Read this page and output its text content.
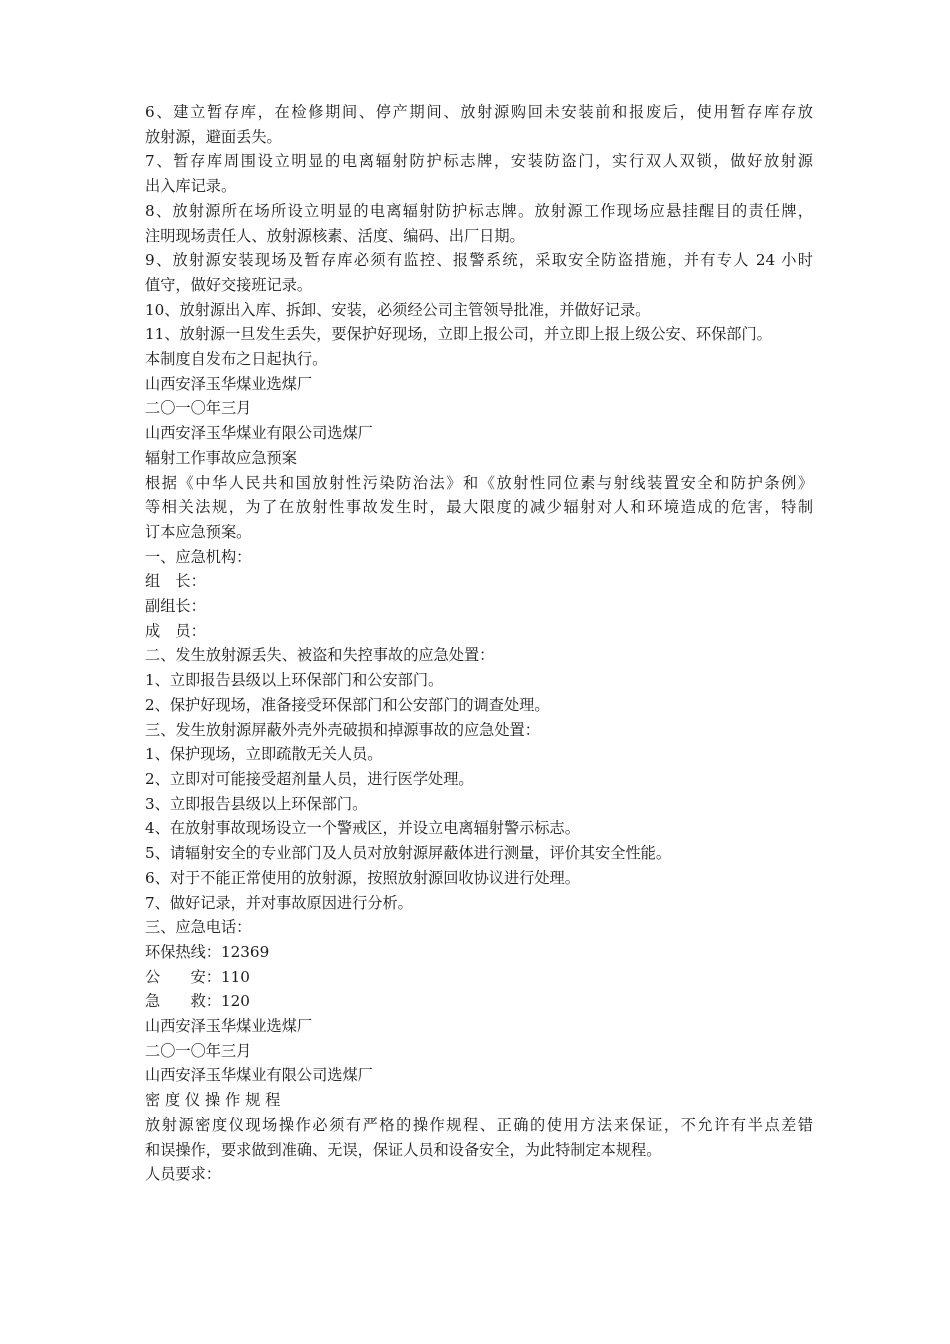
6、建立暂存库，在检修期间、停产期间、放射源购回未安装前和报废后，使用暂存库存放
放射源，避面丢失。
7、暂存库周围设立明显的电离辐射防护标志牌，安装防盗门，实行双人双锁，做好放射源
出入库记录。
8、放射源所在场所设立明显的电离辐射防护标志牌。放射源工作现场应悬挂醒目的责任牌，
注明现场责任人、放射源核素、活度、编码、出厂日期。
9、放射源安装现场及暂存库必须有监控、报警系统，采取安全防盗措施，并有专人 24 小时
值守，做好交接班记录。
10、放射源出入库、拆卸、安装，必须经公司主管领导批准，并做好记录。
11、放射源一旦发生丢失，要保护好现场，立即上报公司，并立即上报上级公安、环保部门。
本制度自发布之日起执行。
山西安泽玉华煤业选煤厂
二〇一〇年三月
山西安泽玉华煤业有限公司选煤厂
辐射工作事故应急预案
根据《中华人民共和国放射性污染防治法》和《放射性同位素与射线装置安全和防护条例》
等相关法规，为了在放射性事故发生时，最大限度的减少辐射对人和环境造成的危害，特制
订本应急预案。
一、应急机构：
组　长：
副组长：
成　员：
二、发生放射源丢失、被盗和失控事故的应急处置：
1、立即报告县级以上环保部门和公安部门。
2、保护好现场，准备接受环保部门和公安部门的调查处理。
三、发生放射源屏蔽外壳外壳破损和掉源事故的应急处置：
1、保护现场，立即疏散无关人员。
2、立即对可能接受超剂量人员，进行医学处理。
3、立即报告县级以上环保部门。
4、在放射事故现场设立一个警戒区，并设立电离辐射警示标志。
5、请辐射安全的专业部门及人员对放射源屏蔽体进行测量，评价其安全性能。
6、对于不能正常使用的放射源，按照放射源回收协议进行处理。
7、做好记录，并对事故原因进行分析。
三、应急电话：
环保热线：12369
公　　安：110
急　　救：120
山西安泽玉华煤业选煤厂
二〇一〇年三月
山西安泽玉华煤业有限公司选煤厂
密 度 仪 操 作 规 程
放射源密度仪现场操作必须有严格的操作规程、正确的使用方法来保证，不允许有半点差错
和误操作，要求做到准确、无误，保证人员和设备安全，为此特制定本规程。
人员要求：
